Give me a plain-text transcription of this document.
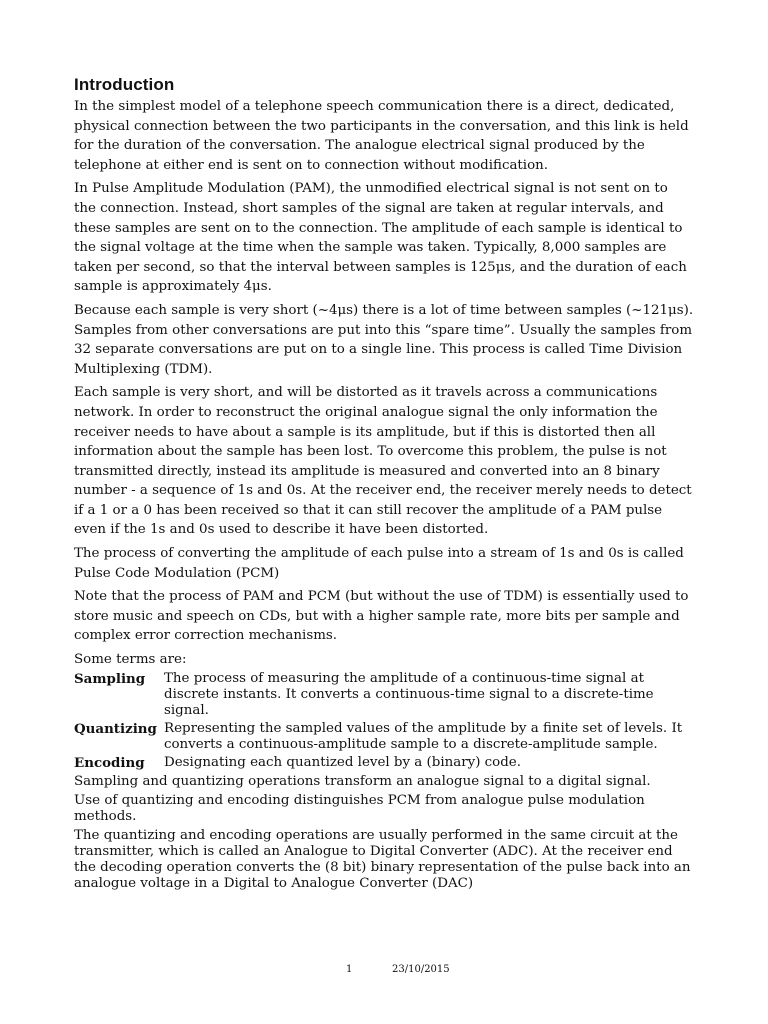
Introduction

In the simplest model of a telephone speech communication there is a direct, dedicated, physical connection between the two participants in the conversation, and this link is held for the duration of the conversation. The analogue electrical signal produced by the telephone at either end is sent on to connection without modification.

In Pulse Amplitude Modulation (PAM), the unmodified electrical signal is not sent on to the connection. Instead, short samples of the signal are taken at regular intervals, and these samples are sent on to the connection. The amplitude of each sample is identical to the signal voltage at the time when the sample was taken. Typically, 8,000 samples are taken per second, so that the interval between samples is 125μs, and the duration of each sample is approximately 4μs.

Because each sample is very short (~4μs) there is a lot of time between samples (~121μs). Samples from other conversations are put into this “spare time”. Usually the samples from 32 separate conversations are put on to a single line. This process is called Time Division Multiplexing (TDM).

Each sample is very short, and will be distorted as it travels across a communications network. In order to reconstruct the original analogue signal the only information the receiver needs to have about a sample is its amplitude, but if this is distorted then all information about the sample has been lost. To overcome this problem, the pulse is not transmitted directly, instead its amplitude is measured and converted into an 8 binary number - a sequence of 1s and 0s. At the receiver end, the receiver merely needs to detect if a 1 or a 0 has been received so that it can still recover the amplitude of a PAM pulse even if the 1s and 0s used to describe it have been distorted.

The process of converting the amplitude of each pulse into a stream of 1s and 0s is called Pulse Code Modulation (PCM)

Note that the process of PAM and PCM (but without the use of TDM) is essentially used to store music and speech on CDs, but with a higher sample rate, more bits per sample and complex error correction mechanisms.

Some terms are:

Sampling	The process of measuring the amplitude of a continuous-time signal at discrete instants. It converts a continuous-time signal to a discrete-time signal.
Quantizing Representing the sampled values of the amplitude by a finite set of levels. It converts a continuous-amplitude sample to a discrete-amplitude sample.
Encoding	Designating each quantized level by a (binary) code.

Sampling and quantizing operations transform an analogue signal to a digital signal.

Use of quantizing and encoding distinguishes PCM from analogue pulse modulation methods.

The quantizing and encoding operations are usually performed in the same circuit at the transmitter, which is called an Analogue to Digital Converter (ADC). At the receiver end the decoding operation converts the (8 bit) binary representation of the pulse back into an analogue voltage in a Digital to Analogue Converter (DAC)

1	23/10/2015
